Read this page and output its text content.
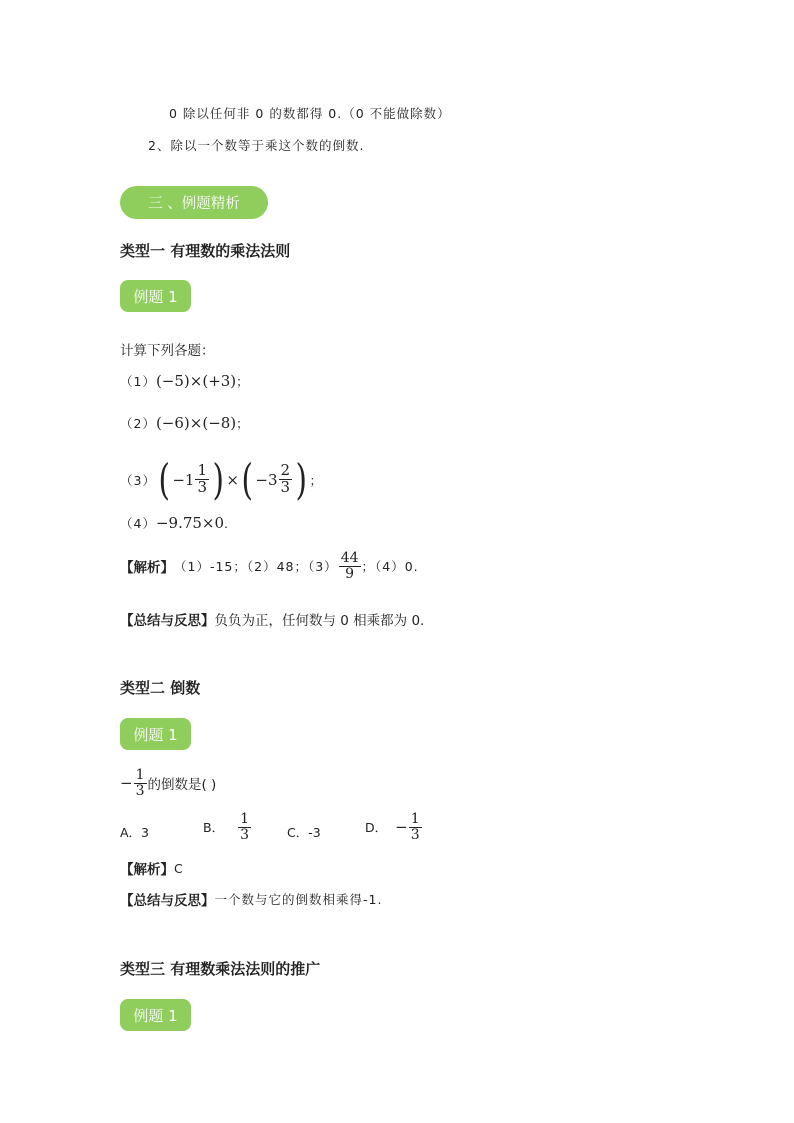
0 除以任何非 0 的数都得 0.（0 不能做除数）
2、除以一个数等于乘这个数的倒数.
三 、例题精析
类型一 有理数的乘法法则
例题 1
计算下列各题：
（1） (−5)×(+3) ；
（2） (−6)×(−8) ；
（3） ( $-1 \frac{1}{3}$ ) × ( $-3 \frac{2}{3}$ ) ；
（4） −9.75×0 .
【解析】 （1）-15；（2）48；$(3) \frac{44}{9}$ ；（4）0.
【总结与反思】 负负为正，任何数与 0 相乘都为 0.
类型二 倒数
例题 1
− $\frac{1}{3}$ 的倒数是( )
A．3	B． $\frac{1}{3}$	C．-3	D． − $\frac{1}{3}$
【解析】 C
【总结与反思】 一个数与它的倒数相乘得-1.
类型三 有理数乘法法则的推广
例题 1
